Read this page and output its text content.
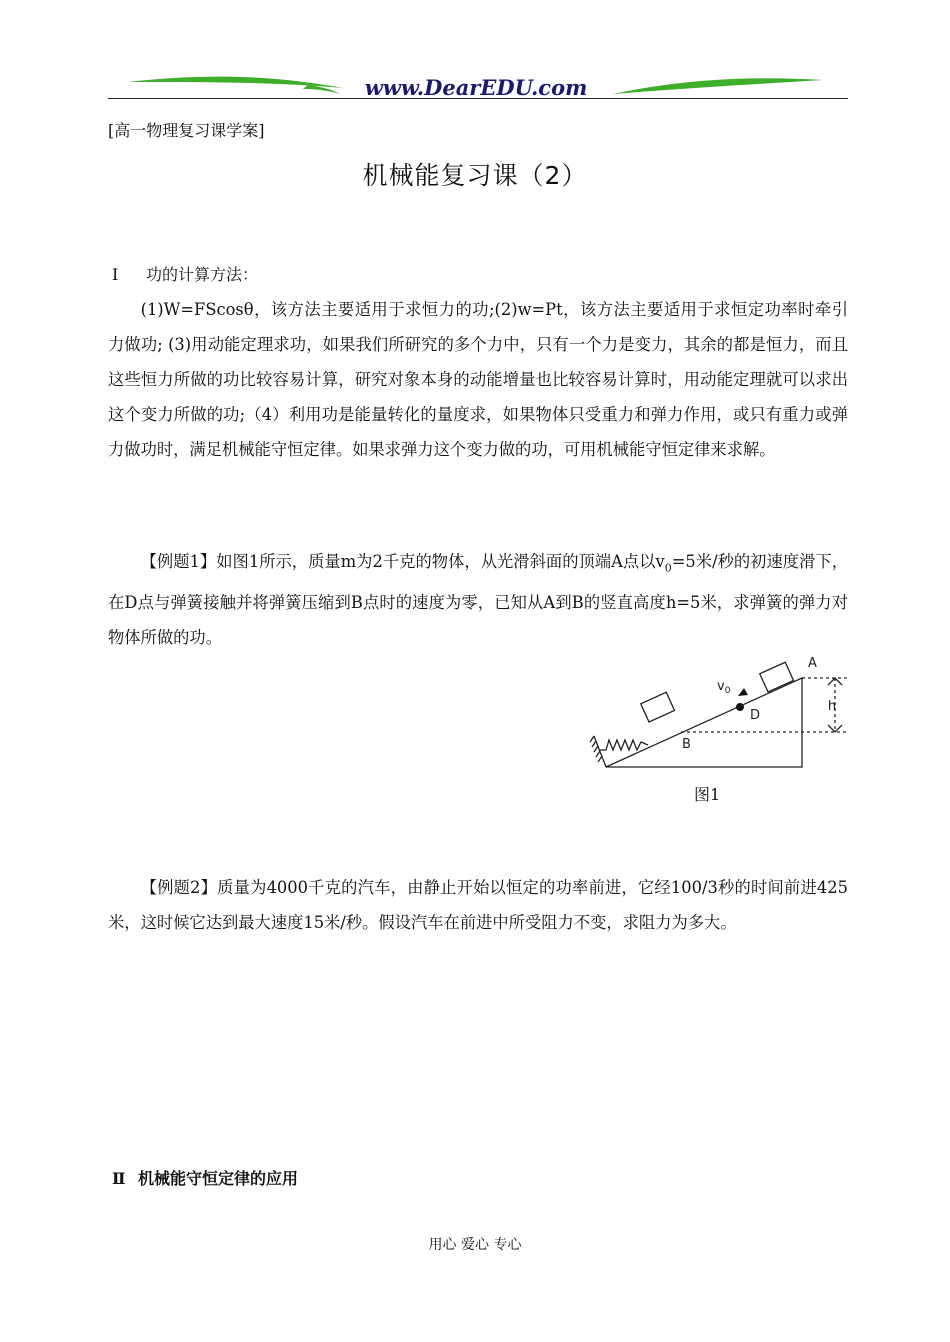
www.DearEDU.com
[高一物理复习课学案]
机械能复习课（2）
Ⅰ 功的计算方法：

(1)W=FScosθ，该方法主要适用于求恒力的功;(2)w=Pt，该方法主要适用于求恒定功率时牵引力做功; (3)用动能定理求功，如果我们所研究的多个力中，只有一个力是变力，其余的都是恒力，而且这些恒力所做的功比较容易计算，研究对象本身的动能增量也比较容易计算时，用动能定理就可以求出这个变力所做的功;（4）利用功是能量转化的量度求，如果物体只受重力和弹力作用，或只有重力或弹力做功时，满足机械能守恒定律。如果求弹力这个变力做的功，可用机械能守恒定律来求解。

【例题1】如图1所示，质量m为2千克的物体，从光滑斜面的顶端A点以$v_0=5$米/秒的初速度滑下，在D点与弹簧接触并将弹簧压缩到B点时的速度为零，已知从A到B的竖直高度h=5米，求弹簧的弹力对物体所做的功。

A
B
D
h
$v_0$
图1

【例题2】质量为4000千克的汽车，由静止开始以恒定的功率前进，它经100/3秒的时间前进425米，这时候它达到最大速度15米/秒。假设汽车在前进中所受阻力不变，求阻力为多大。

Ⅱ 机械能守恒定律的应用
用心 爱心 专心
